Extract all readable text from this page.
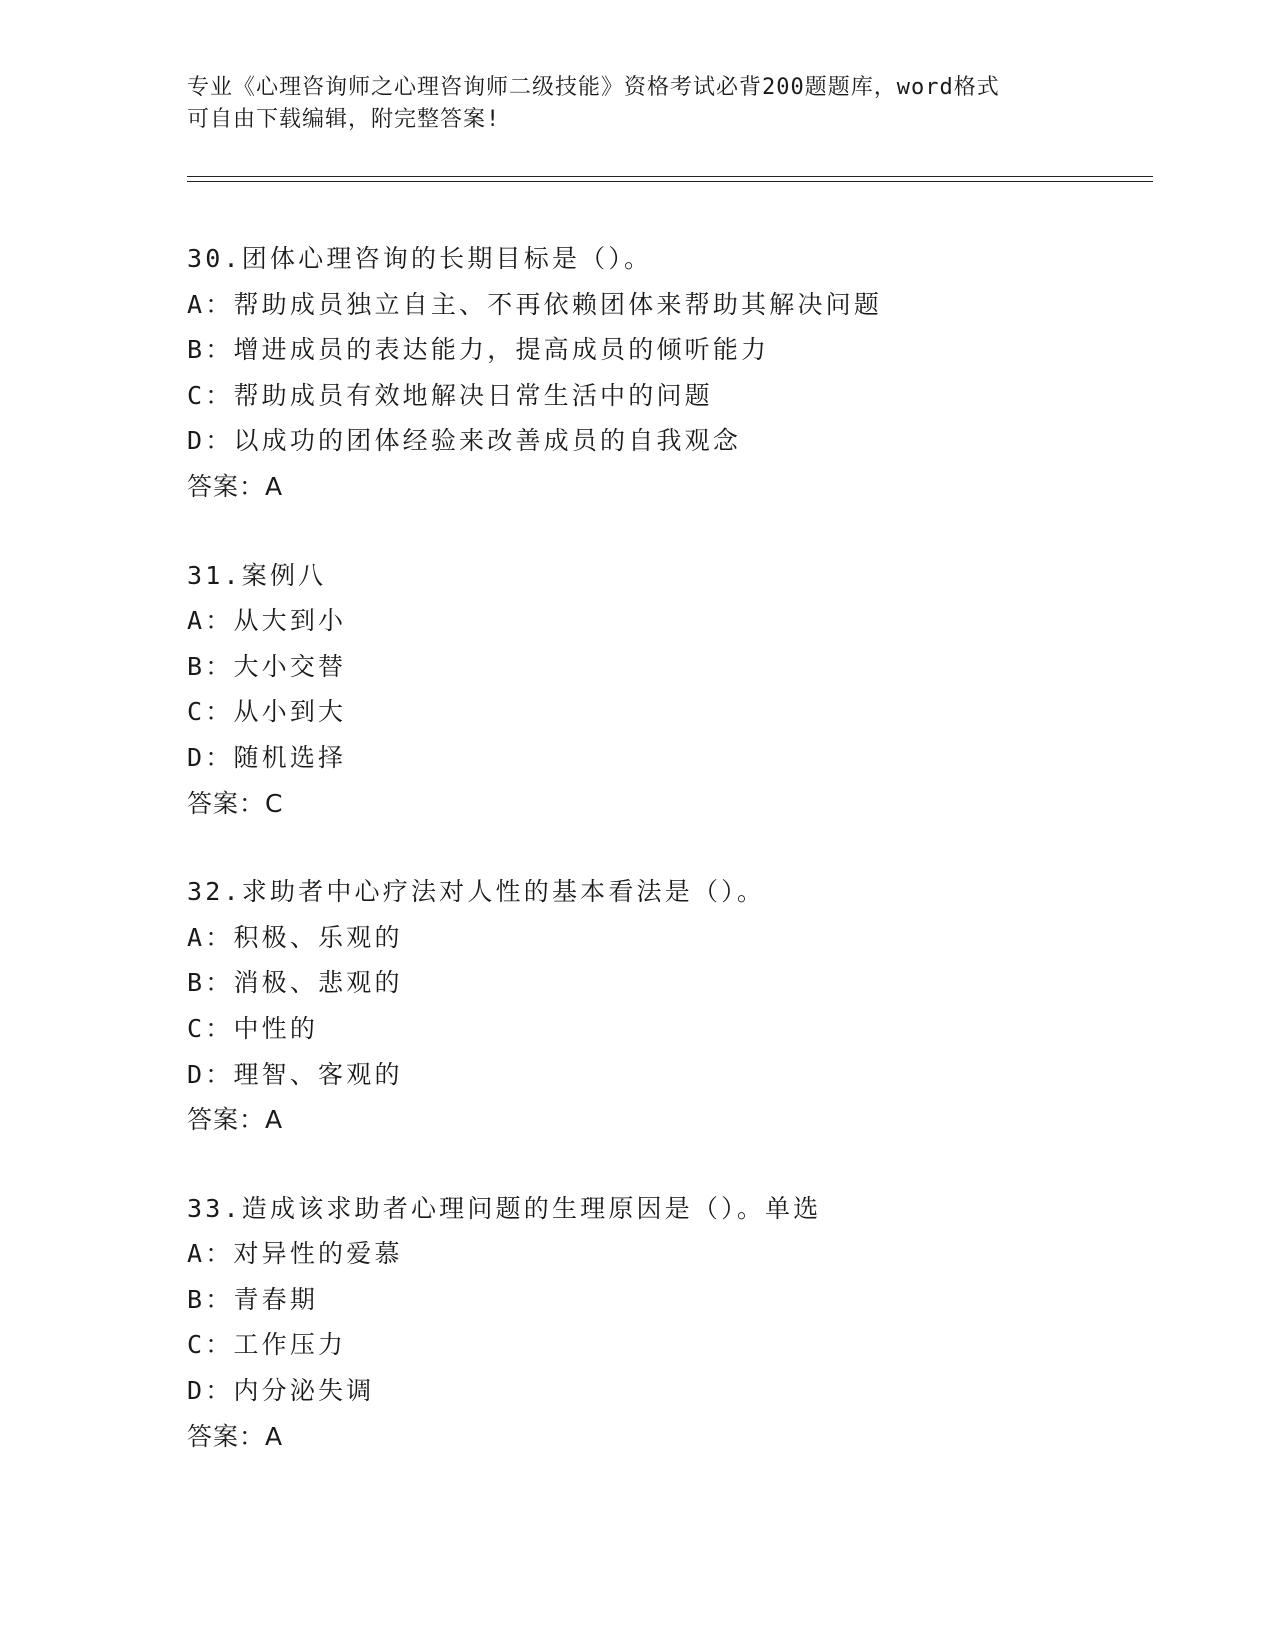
专业《心理咨询师之心理咨询师二级技能》资格考试必背200题题库，word格式
可自由下载编辑，附完整答案!
30.团体心理咨询的长期目标是（）。
A：帮助成员独立自主、不再依赖团体来帮助其解决问题
B：增进成员的表达能力，提高成员的倾听能力
C：帮助成员有效地解决日常生活中的问题
D：以成功的团体经验来改善成员的自我观念
答案：A
31.案例八
A：从大到小
B：大小交替
C：从小到大
D：随机选择
答案：C
32.求助者中心疗法对人性的基本看法是（）。
A：积极、乐观的
B：消极、悲观的
C：中性的
D：理智、客观的
答案：A
33.造成该求助者心理问题的生理原因是（）。单选
A：对异性的爱慕
B：青春期
C：工作压力
D：内分泌失调
答案：A
